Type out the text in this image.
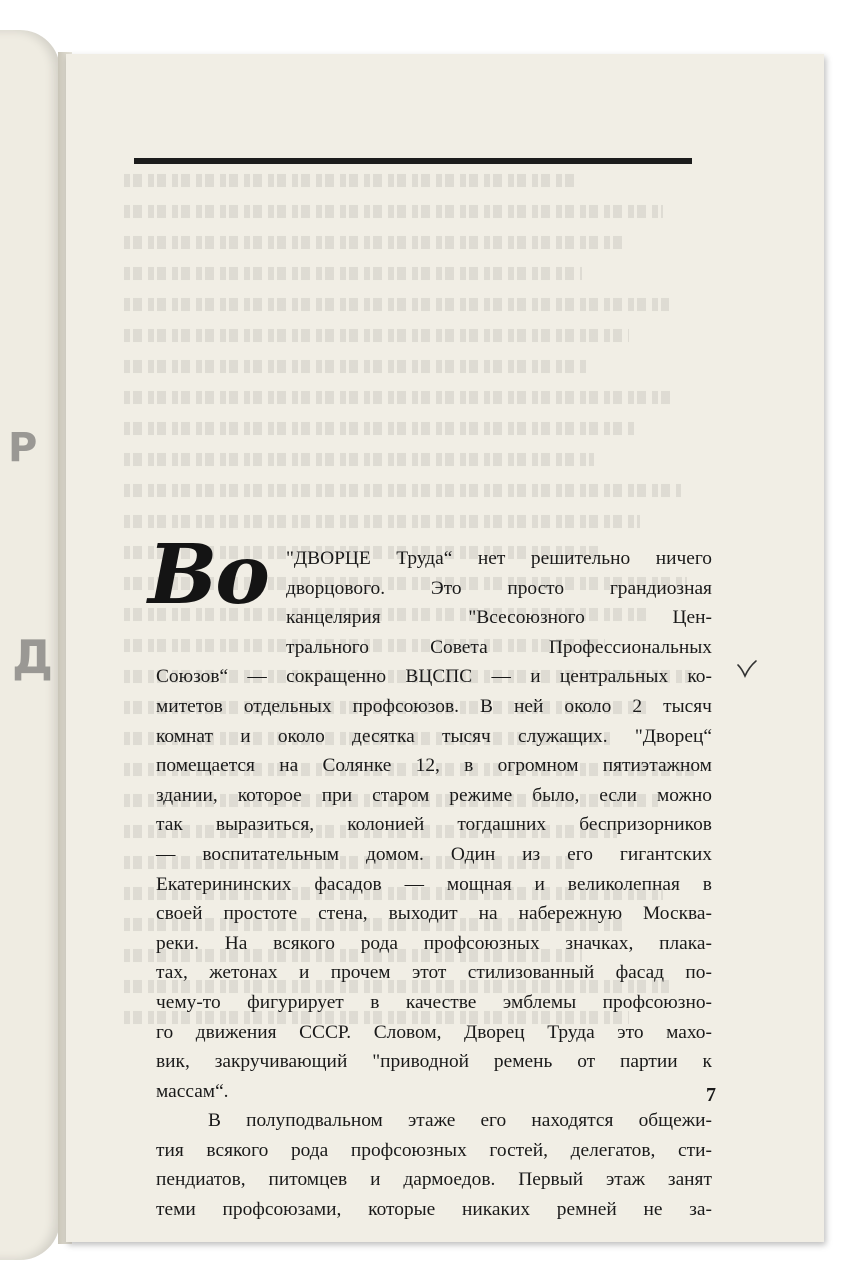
Р
Д
Во "ДВОРЦЕ Труда“ нет решительно ничего
дворцового. Это просто грандиозная
канцелярия	"Всесоюзного	Цен-
трального	Совета	Профессиональных
Союзов“ — сокращенно ВЦСПС — и центральных ко-
митетов отдельных профсоюзов. В ней около 2 тысяч
комнат и около десятка тысяч служащих. "Дворец“
помещается на Солянке 12, в огромном пятиэтажном
здании, которое при старом режиме было, если можно
так выразиться, колонией тогдашних беспризорников
— воспитательным домом. Один из его гигантских
Екатерининских фасадов — мощная и великолепная в
своей простоте стена, выходит на набережную Москва-
реки. На всякого рода профсоюзных значках, плака-
тах, жетонах и прочем этот стилизованный фасад по-
чему-то фигурирует в качестве эмблемы профсоюзно-
го движения СССР. Словом, Дворец Труда это махо-
вик, закручивающий "приводной ремень от партии к
массам“.
В полуподвальном этаже его находятся общежи-
тия всякого рода профсоюзных гостей, делегатов, сти-
пендиатов, питомцев и дармоедов. Первый этаж занят
теми профсоюзами, которые никаких ремней не за-
7
